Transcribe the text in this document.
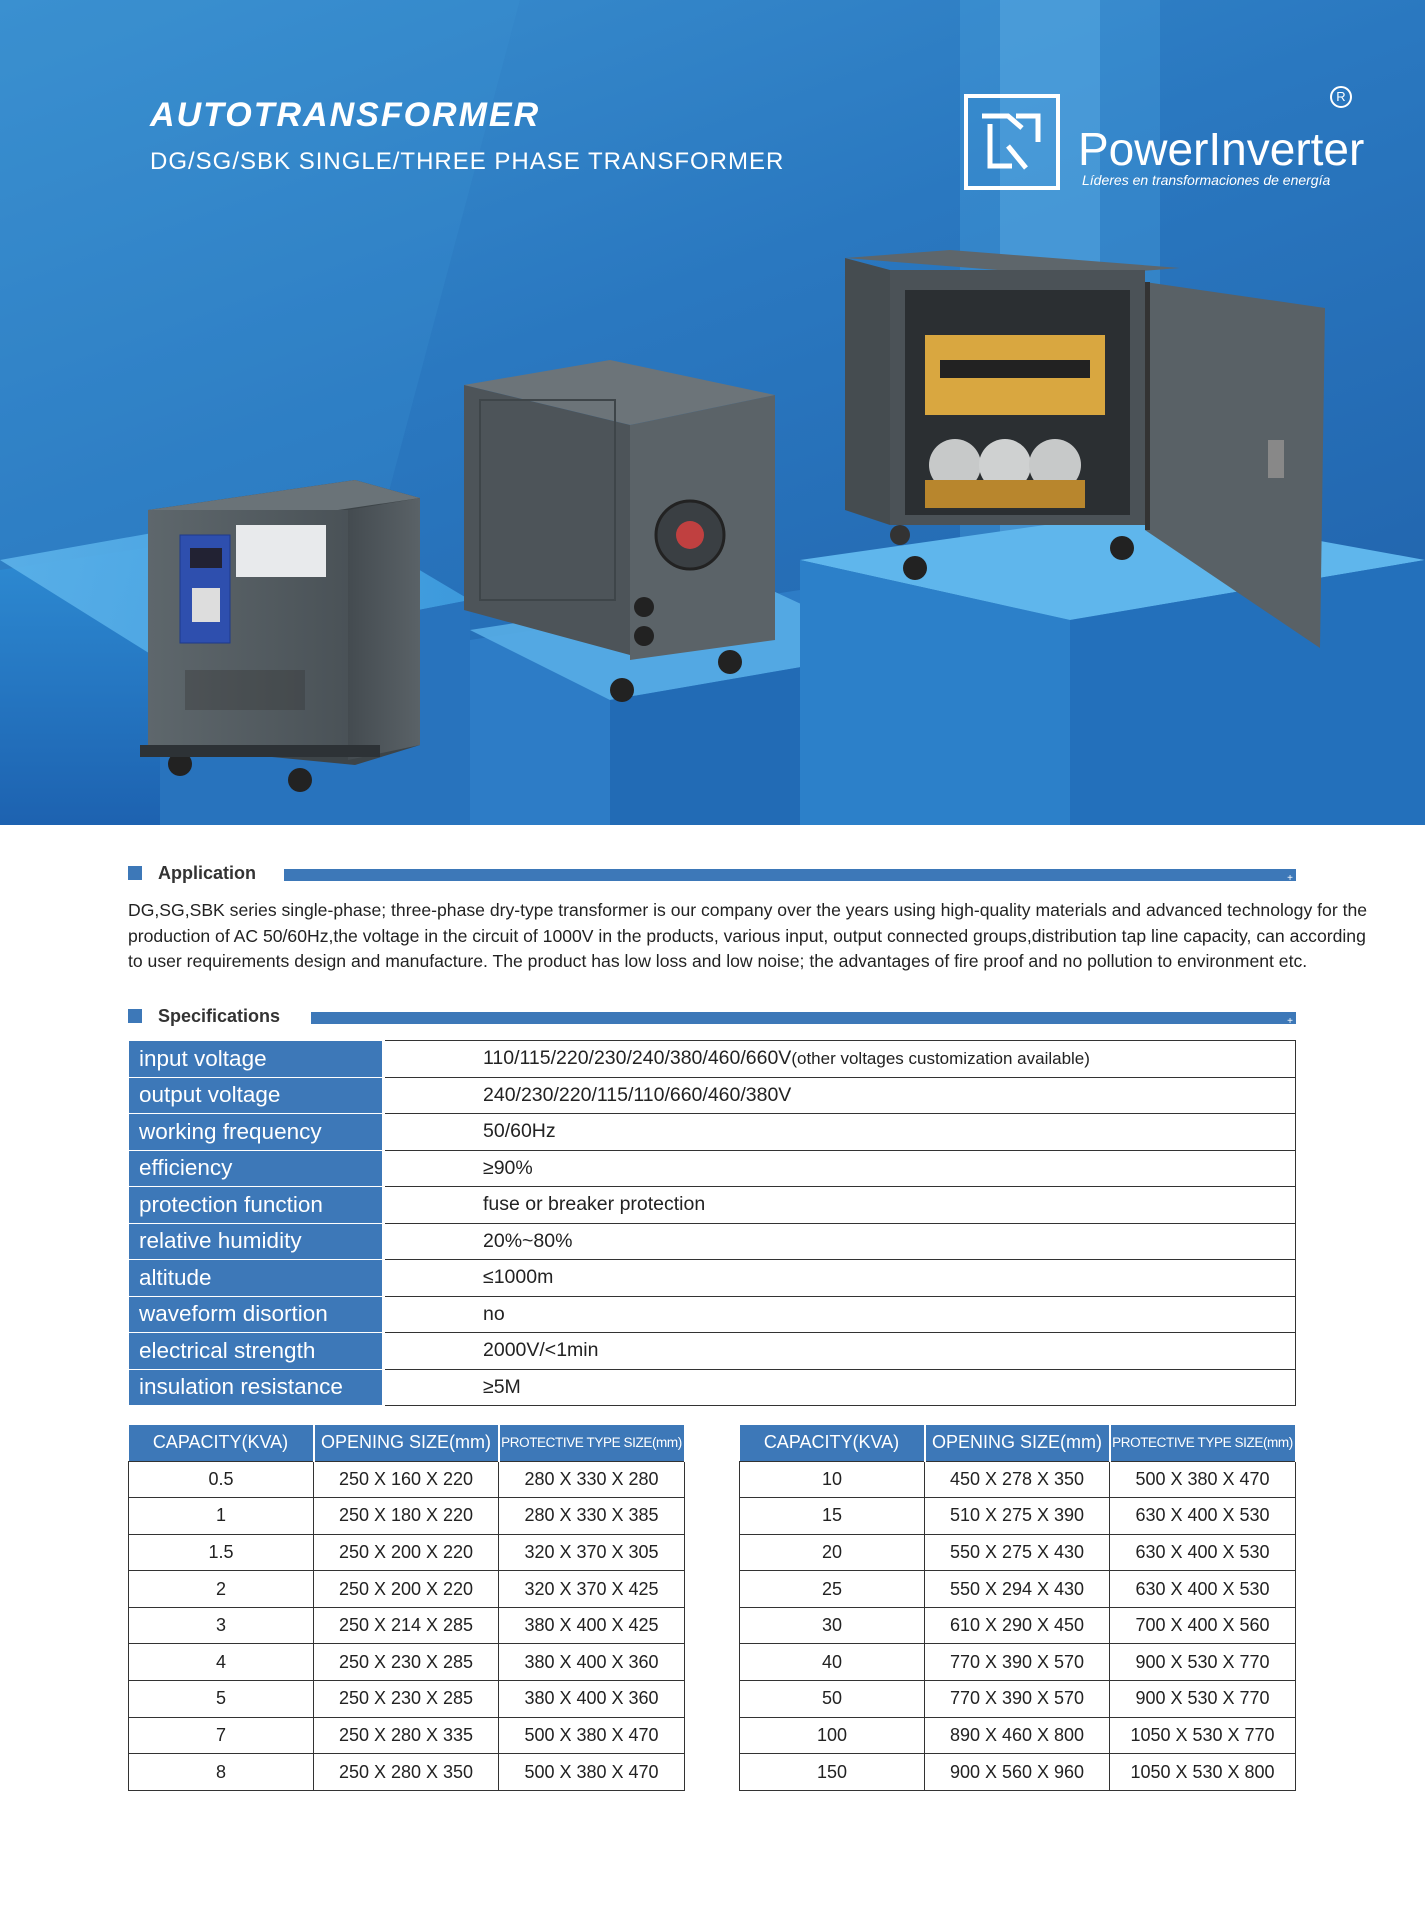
AUTOTRANSFORMER
DG/SG/SBK SINGLE/THREE PHASE TRANSFORMER	PowerInverter
Líderes en transformaciones de energía
R
Application	+
DG,SG,SBK series single-phase; three-phase dry-type transformer is our company over the years using high-quality materials and advanced technology for the production of AC 50/60Hz,the voltage in the circuit of 1000V in the products, various input, output connected groups,distribution tap line capacity, can according to user requirements design and manufacture. The product has low loss and low noise; the advantages of fire proof and no pollution to environment etc.
Specifications	+
input voltage	110/115/220/230/240/380/460/660V(other voltages customization available)
output voltage	240/230/220/115/110/660/460/380V
working frequency	50/60Hz
efficiency	≥90%
protection function	fuse or breaker protection
relative humidity	20%~80%
altitude	≤1000m
waveform disortion	no
electrical strength	2000V/<1min
insulation resistance	≥5M
CAPACITY(KVA)	OPENING SIZE(mm)	PROTECTIVE TYPE SIZE(mm)
0.5	250 X 160 X 220	280 X 330 X 280
1	250 X 180 X 220	280 X 330 X 385
1.5	250 X 200 X 220	320 X 370 X 305
2	250 X 200 X 220	320 X 370 X 425
3	250 X 214 X 285	380 X 400 X 425
4	250 X 230 X 285	380 X 400 X 360
5	250 X 230 X 285	380 X 400 X 360
7	250 X 280 X 335	500 X 380 X 470
8	250 X 280 X 350	500 X 380 X 470
CAPACITY(KVA)	OPENING SIZE(mm)	PROTECTIVE TYPE SIZE(mm)
10	450 X 278 X 350	500 X 380 X 470
15	510 X 275 X 390	630 X 400 X 530
20	550 X 275 X 430	630 X 400 X 530
25	550 X 294 X 430	630 X 400 X 530
30	610 X 290 X 450	700 X 400 X 560
40	770 X 390 X 570	900 X 530 X 770
50	770 X 390 X 570	900 X 530 X 770
100	890 X 460 X 800	1050 X 530 X 770
150	900 X 560 X 960	1050 X 530 X 800
